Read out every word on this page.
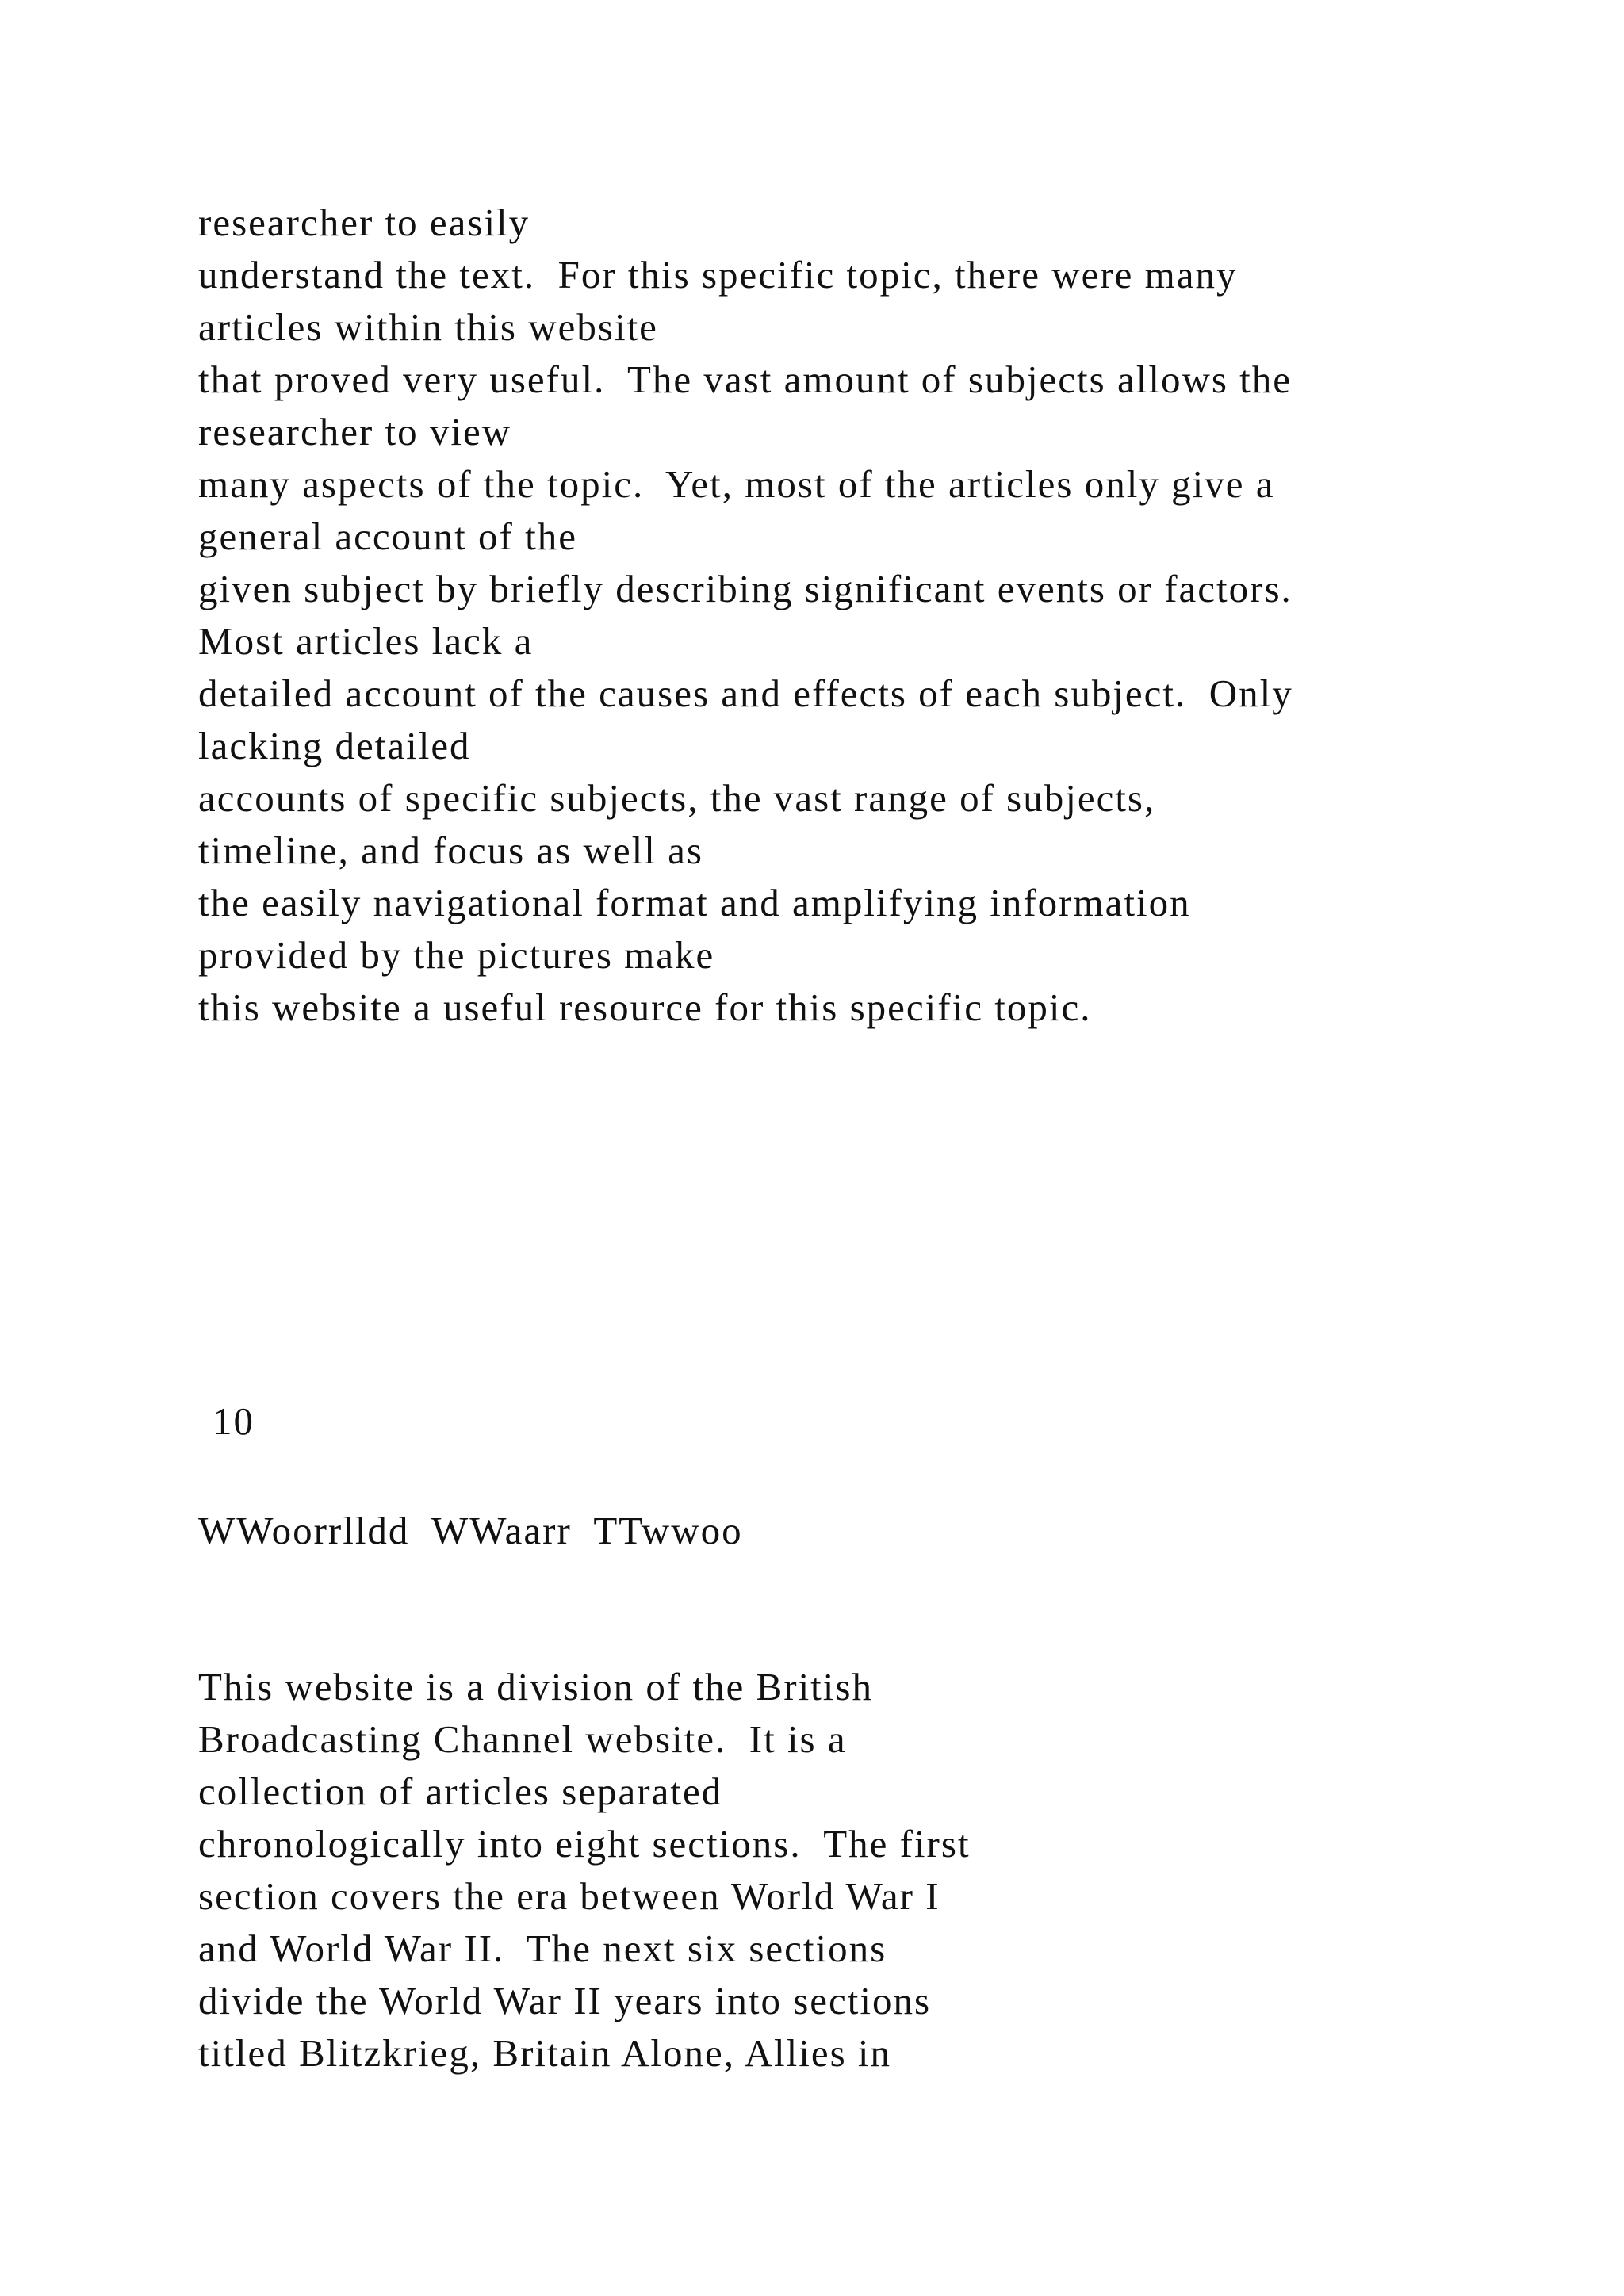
researcher to easily
understand the text.  For this specific topic, there were many
articles within this website
that proved very useful.  The vast amount of subjects allows the
researcher to view
many aspects of the topic.  Yet, most of the articles only give a
general account of the
given subject by briefly describing significant events or factors.
Most articles lack a
detailed account of the causes and effects of each subject.  Only
lacking detailed
accounts of specific subjects, the vast range of subjects,
timeline, and focus as well as
the easily navigational format and amplifying information
provided by the pictures make
this website a useful resource for this specific topic.
10
WWoorrlldd  WWaarr  TTwwoo
This website is a division of the British
Broadcasting Channel website.  It is a
collection of articles separated
chronologically into eight sections.  The first
section covers the era between World War I
and World War II.  The next six sections
divide the World War II years into sections
titled Blitzkrieg, Britain Alone, Allies in
